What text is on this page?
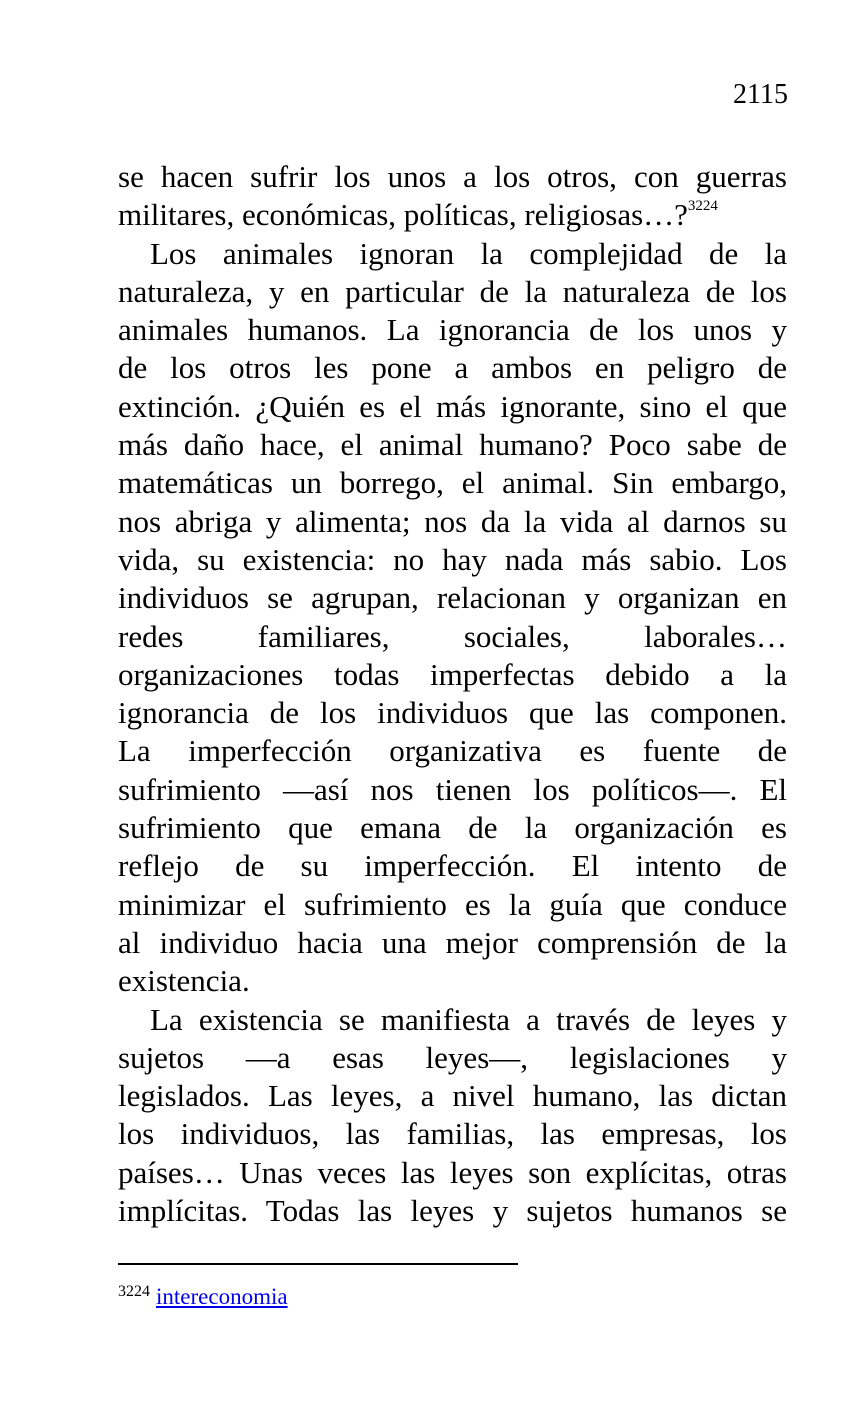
2115
se hacen sufrir los unos a los otros, con guerras
militares, económicas, políticas, religiosas…?$^{3224}$
Los animales ignoran la complejidad de la
naturaleza, y en particular de la naturaleza de los
animales humanos. La ignorancia de los unos y
de los otros les pone a ambos en peligro de
extinción. ¿Quién es el más ignorante, sino el que
más daño hace, el animal humano? Poco sabe de
matemáticas un borrego, el animal. Sin embargo,
nos abriga y alimenta; nos da la vida al darnos su
vida, su existencia: no hay nada más sabio. Los
individuos se agrupan, relacionan y organizan en
redes familiares, sociales, laborales…
organizaciones todas imperfectas debido a la
ignorancia de los individuos que las componen.
La imperfección organizativa es fuente de
sufrimiento —así nos tienen los políticos—. El
sufrimiento que emana de la organización es
reflejo de su imperfección. El intento de
minimizar el sufrimiento es la guía que conduce
al individuo hacia una mejor comprensión de la
existencia.
La existencia se manifiesta a través de leyes y
sujetos —a esas leyes—, legislaciones y
legislados. Las leyes, a nivel humano, las dictan
los individuos, las familias, las empresas, los
países… Unas veces las leyes son explícitas, otras
implícitas. Todas las leyes y sujetos humanos se
$^{3224}$ intereconomia
